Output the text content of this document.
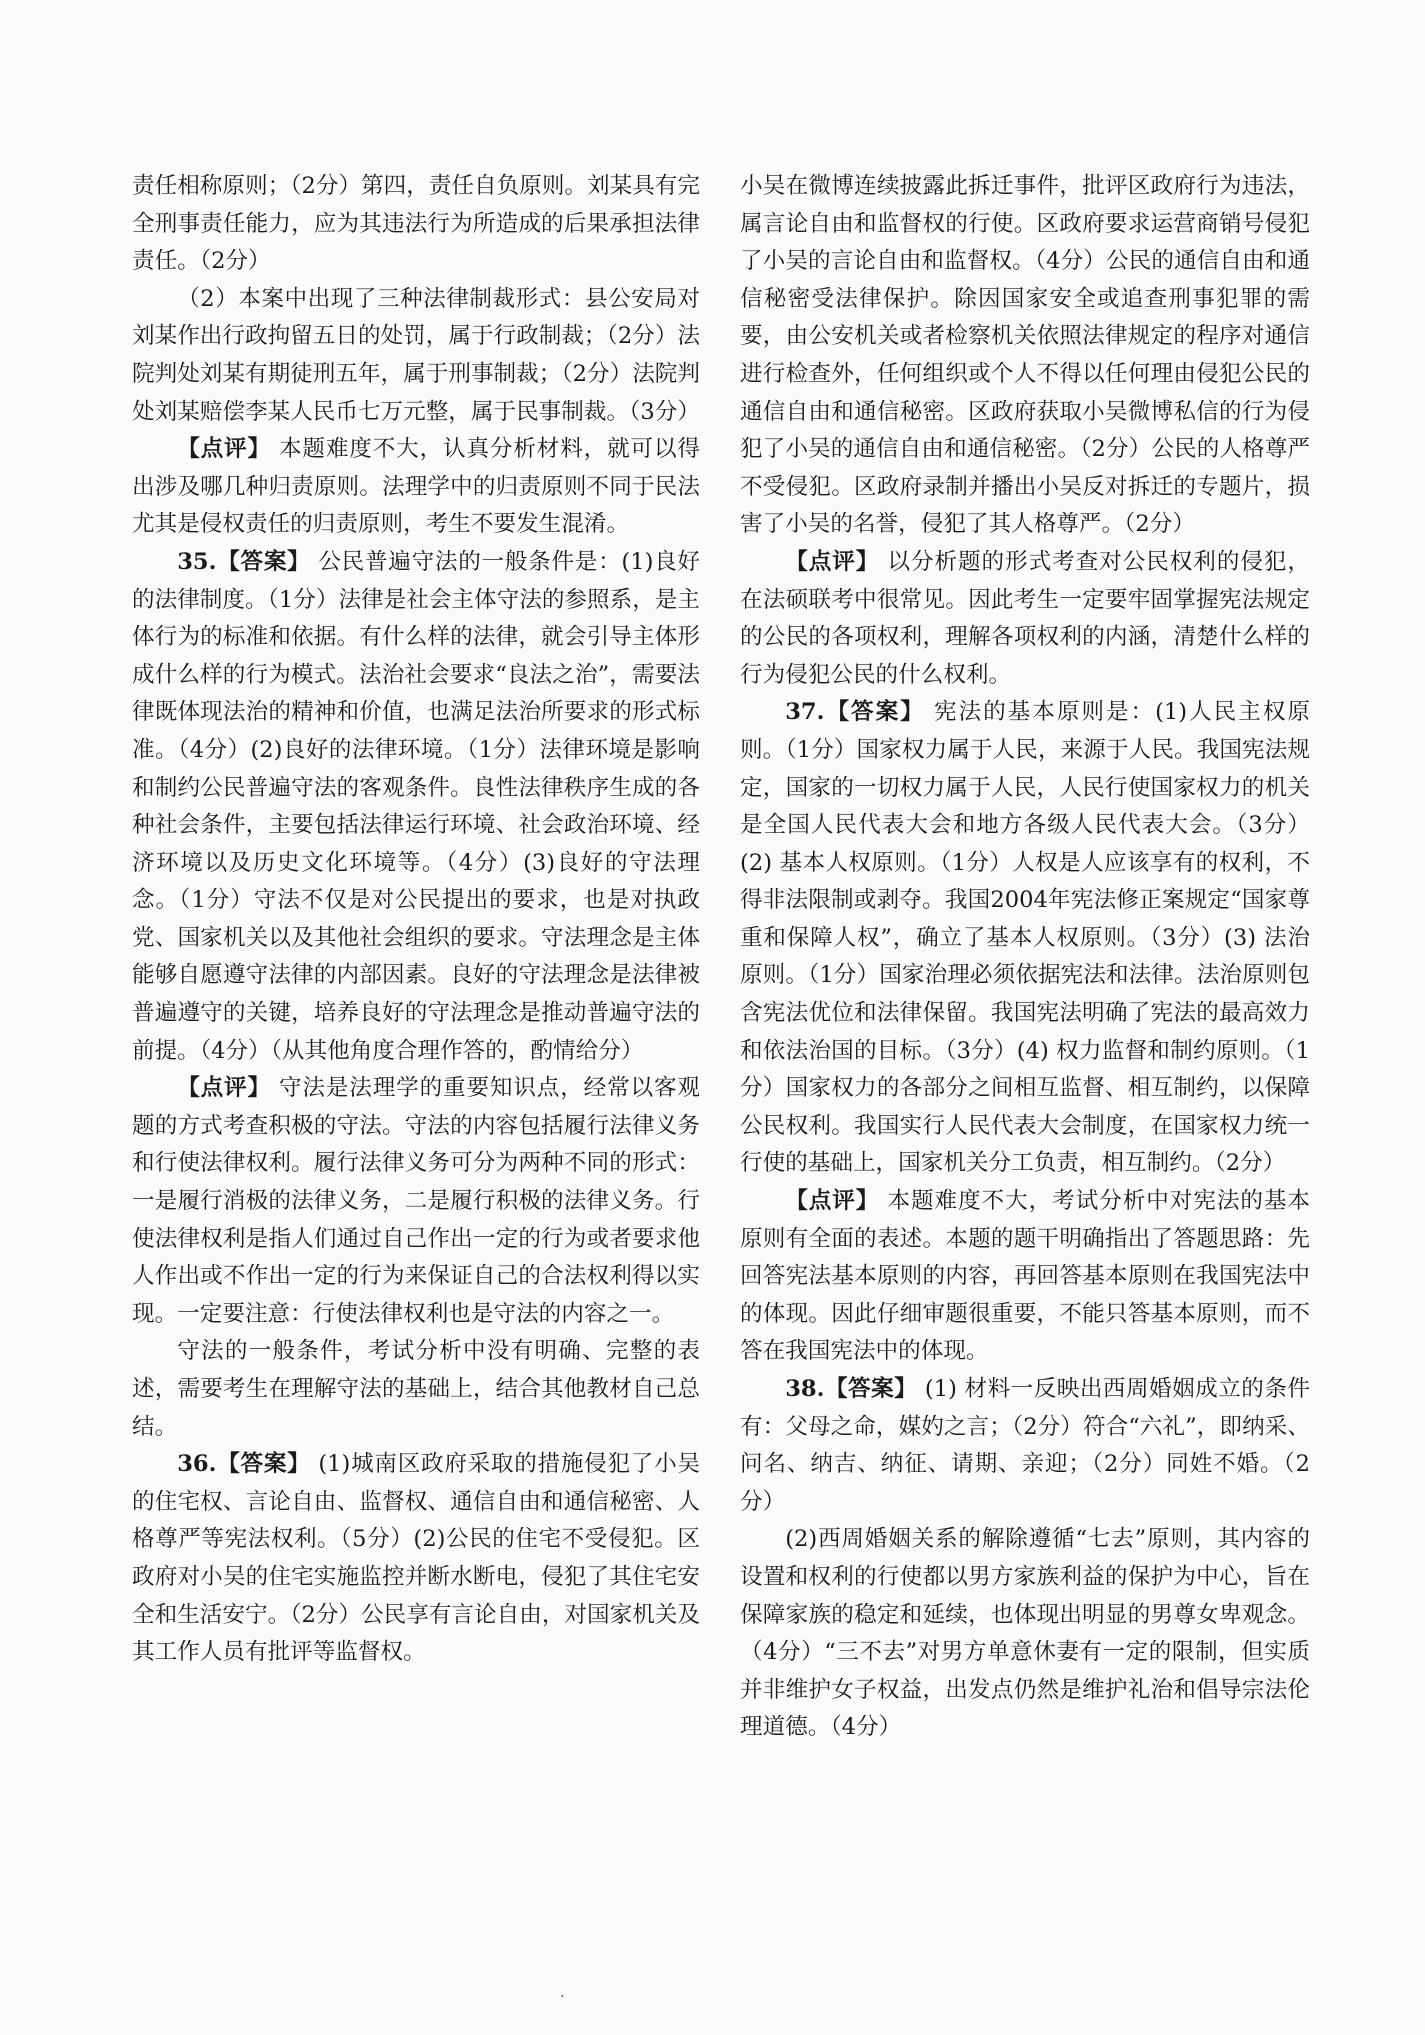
责任相称原则；（2分）第四，责任自负原则。刘某具有完全刑事责任能力，应为其违法行为所造成的后果承担法律责任。（2分）

（2）本案中出现了三种法律制裁形式：县公安局对刘某作出行政拘留五日的处罚，属于行政制裁；（2分）法院判处刘某有期徒刑五年，属于刑事制裁；（2分）法院判处刘某赔偿李某人民币七万元整，属于民事制裁。（3分）

【点评】 本题难度不大，认真分析材料，就可以得出涉及哪几种归责原则。法理学中的归责原则不同于民法尤其是侵权责任的归责原则，考生不要发生混淆。

35.【答案】 公民普遍守法的一般条件是：(1)良好的法律制度。（1分）法律是社会主体守法的参照系，是主体行为的标准和依据。有什么样的法律，就会引导主体形成什么样的行为模式。法治社会要求“良法之治”，需要法律既体现法治的精神和价值，也满足法治所要求的形式标准。（4分）(2)良好的法律环境。（1分）法律环境是影响和制约公民普遍守法的客观条件。良性法律秩序生成的各种社会条件，主要包括法律运行环境、社会政治环境、经济环境以及历史文化环境等。（4分）(3)良好的守法理念。（1分）守法不仅是对公民提出的要求，也是对执政党、国家机关以及其他社会组织的要求。守法理念是主体能够自愿遵守法律的内部因素。良好的守法理念是法律被普遍遵守的关键，培养良好的守法理念是推动普遍守法的前提。（4分）（从其他角度合理作答的，酌情给分）

【点评】 守法是法理学的重要知识点，经常以客观题的方式考查积极的守法。守法的内容包括履行法律义务和行使法律权利。履行法律义务可分为两种不同的形式：一是履行消极的法律义务，二是履行积极的法律义务。行使法律权利是指人们通过自己作出一定的行为或者要求他人作出或不作出一定的行为来保证自己的合法权利得以实现。一定要注意：行使法律权利也是守法的内容之一。

守法的一般条件，考试分析中没有明确、完整的表述，需要考生在理解守法的基础上，结合其他教材自己总结。

36.【答案】 (1)城南区政府采取的措施侵犯了小吴的住宅权、言论自由、监督权、通信自由和通信秘密、人格尊严等宪法权利。（5分）(2)公民的住宅不受侵犯。区政府对小吴的住宅实施监控并断水断电，侵犯了其住宅安全和生活安宁。（2分）公民享有言论自由，对国家机关及其工作人员有批评等监督权。

小吴在微博连续披露此拆迁事件，批评区政府行为违法，属言论自由和监督权的行使。区政府要求运营商销号侵犯了小吴的言论自由和监督权。（4分）公民的通信自由和通信秘密受法律保护。除因国家安全或追查刑事犯罪的需要，由公安机关或者检察机关依照法律规定的程序对通信进行检查外，任何组织或个人不得以任何理由侵犯公民的通信自由和通信秘密。区政府获取小吴微博私信的行为侵犯了小吴的通信自由和通信秘密。（2分）公民的人格尊严不受侵犯。区政府录制并播出小吴反对拆迁的专题片，损害了小吴的名誉，侵犯了其人格尊严。（2分）

【点评】 以分析题的形式考查对公民权利的侵犯，在法硕联考中很常见。因此考生一定要牢固掌握宪法规定的公民的各项权利，理解各项权利的内涵，清楚什么样的行为侵犯公民的什么权利。

37.【答案】 宪法的基本原则是：(1)人民主权原则。（1分）国家权力属于人民，来源于人民。我国宪法规定，国家的一切权力属于人民，人民行使国家权力的机关是全国人民代表大会和地方各级人民代表大会。（3分）(2) 基本人权原则。（1分）人权是人应该享有的权利，不得非法限制或剥夺。我国2004年宪法修正案规定“国家尊重和保障人权”，确立了基本人权原则。（3分）(3) 法治原则。（1分）国家治理必须依据宪法和法律。法治原则包含宪法优位和法律保留。我国宪法明确了宪法的最高效力和依法治国的目标。（3分）(4) 权力监督和制约原则。（1分）国家权力的各部分之间相互监督、相互制约，以保障公民权利。我国实行人民代表大会制度，在国家权力统一行使的基础上，国家机关分工负责，相互制约。（2分）

【点评】 本题难度不大，考试分析中对宪法的基本原则有全面的表述。本题的题干明确指出了答题思路：先回答宪法基本原则的内容，再回答基本原则在我国宪法中的体现。因此仔细审题很重要，不能只答基本原则，而不答在我国宪法中的体现。

38.【答案】 (1) 材料一反映出西周婚姻成立的条件有：父母之命，媒妁之言；（2分）符合“六礼”，即纳采、问名、纳吉、纳征、请期、亲迎；（2分）同姓不婚。（2分）

(2)西周婚姻关系的解除遵循“七去”原则，其内容的设置和权利的行使都以男方家族利益的保护为中心，旨在保障家族的稳定和延续，也体现出明显的男尊女卑观念。（4分）“三不去”对男方单意休妻有一定的限制，但实质并非维护女子权益，出发点仍然是维护礼治和倡导宗法伦理道德。（4分）

.
